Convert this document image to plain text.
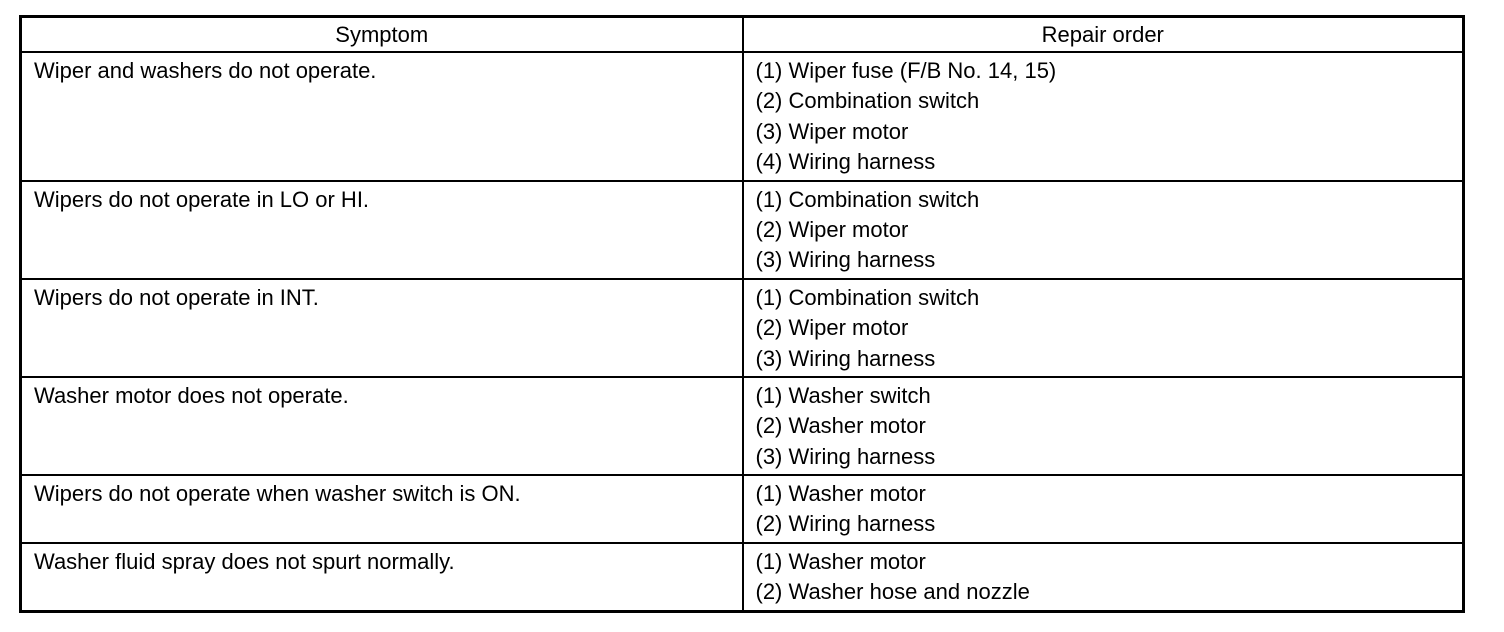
Symptom	Repair order
Wiper and washers do not operate.	(1) Wiper fuse (F/B No. 14, 15)
(2) Combination switch
(3) Wiper motor
(4) Wiring harness

Wipers do not operate in LO or HI.	(1) Combination switch
(2) Wiper motor
(3) Wiring harness

Wipers do not operate in INT.	(1) Combination switch
(2) Wiper motor
(3) Wiring harness

Washer motor does not operate.	(1) Washer switch
(2) Washer motor
(3) Wiring harness

Wipers do not operate when washer switch is ON.	(1) Washer motor
(2) Wiring harness

Washer fluid spray does not spurt normally.	(1) Washer motor
(2) Washer hose and nozzle
